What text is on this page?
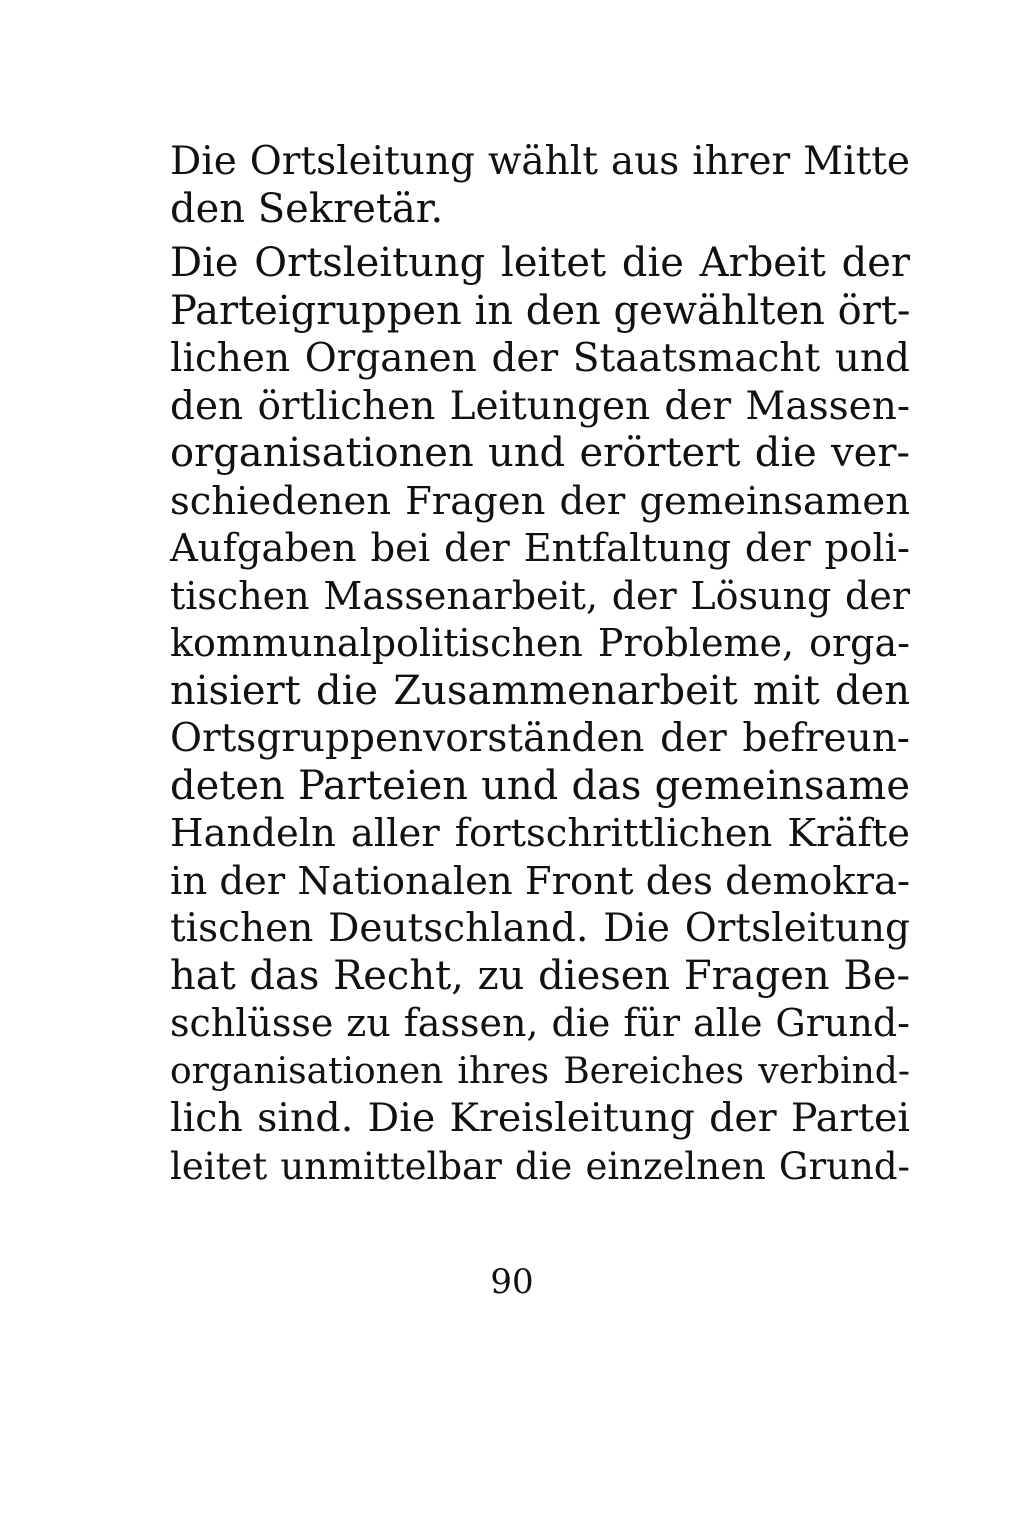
Die Ortsleitung wählt aus ihrer Mitte
den Sekretär.
Die Ortsleitung leitet die Arbeit der
Parteigruppen in den gewählten ört-
lichen Organen der Staatsmacht und
den örtlichen Leitungen der Massen-
organisationen und erörtert die ver-
schiedenen Fragen der gemeinsamen
Aufgaben bei der Entfaltung der poli-
tischen Massenarbeit, der Lösung der
kommunalpolitischen Probleme, orga-
nisiert die Zusammenarbeit mit den
Ortsgruppenvorständen der befreun-
deten Parteien und das gemeinsame
Handeln aller fortschrittlichen Kräfte
in der Nationalen Front des demokra-
tischen Deutschland. Die Ortsleitung
hat das Recht, zu diesen Fragen Be-
schlüsse zu fassen, die für alle Grund-
organisationen ihres Bereiches verbind-
lich sind. Die Kreisleitung der Partei
leitet unmittelbar die einzelnen Grund-
90
